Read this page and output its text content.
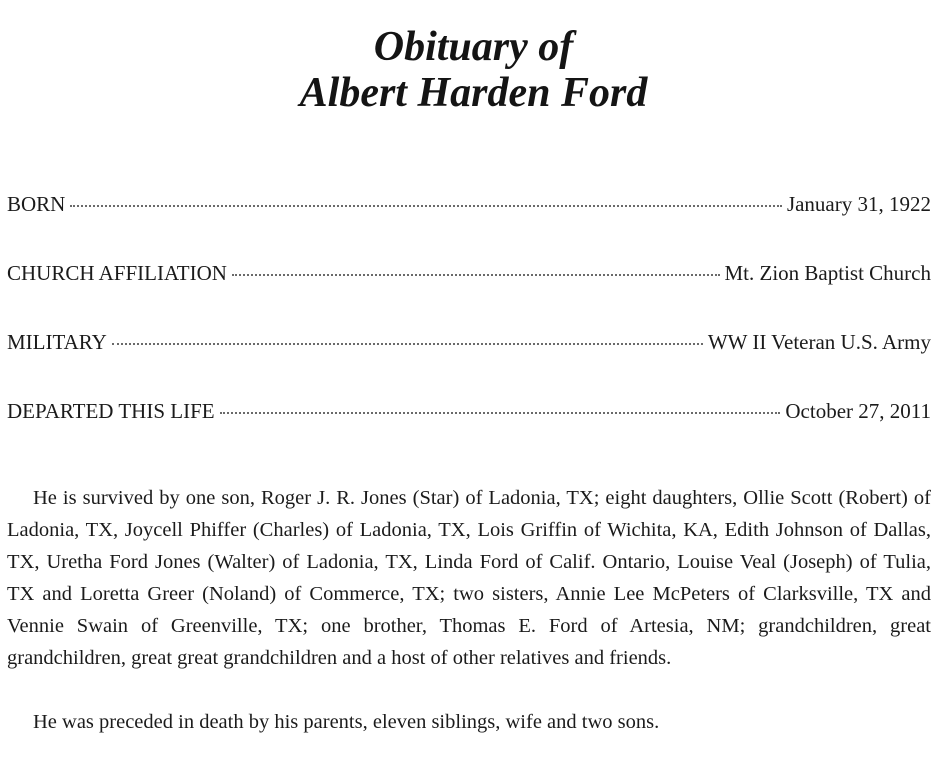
Obituary of
Albert Harden Ford
BORN	January 31, 1922
CHURCH AFFILIATION	Mt. Zion Baptist Church
MILITARY	WW II Veteran U.S. Army
DEPARTED THIS LIFE	October 27, 2011

He is survived by one son, Roger J. R. Jones (Star) of Ladonia, TX; eight daughters, Ollie Scott (Robert) of Ladonia, TX, Joycell Phiffer (Charles) of Ladonia, TX, Lois Griffin of Wichita, KA, Edith Johnson of Dallas, TX, Uretha Ford Jones (Walter) of Ladonia, TX, Linda Ford of Calif. Ontario, Louise Veal (Joseph) of Tulia, TX and Loretta Greer (Noland) of Commerce, TX; two sisters, Annie Lee McPeters of Clarksville, TX and Vennie Swain of Greenville, TX; one brother, Thomas E. Ford of Artesia, NM; grandchildren, great grandchildren, great great grandchildren and a host of other relatives and friends.

He was preceded in death by his parents, eleven siblings, wife and two sons.
